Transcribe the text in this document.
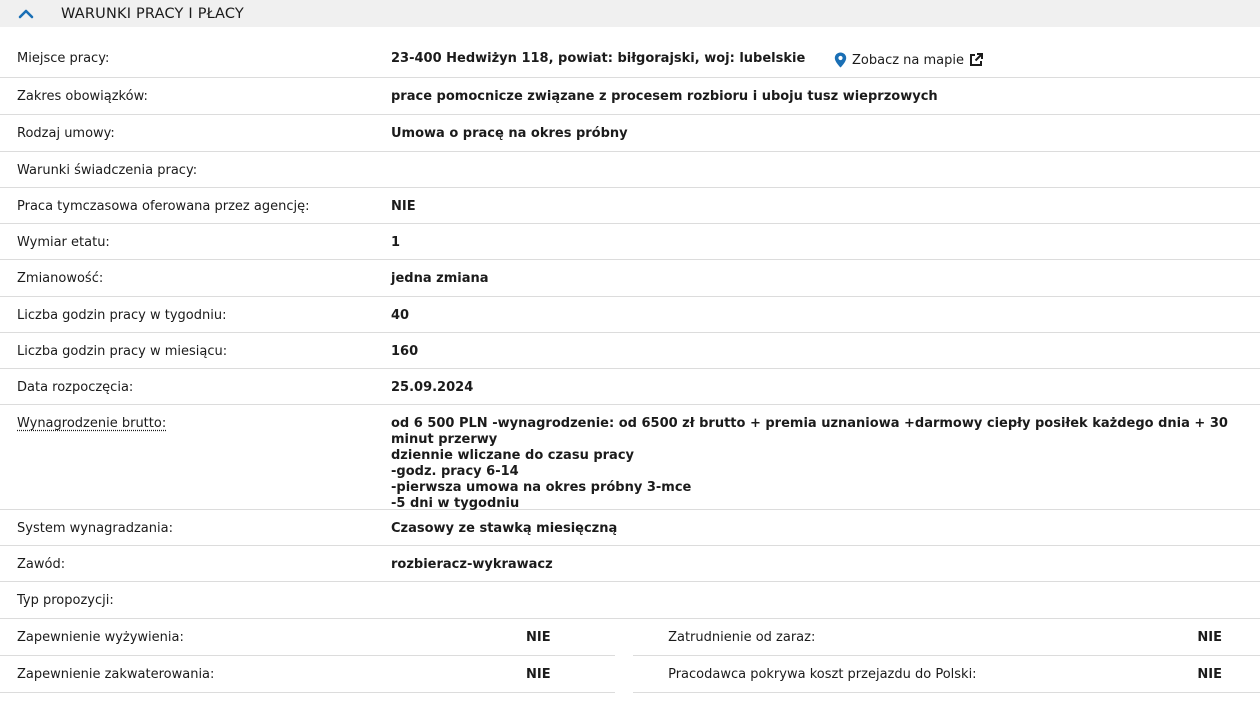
WARUNKI PRACY I PŁACY
Miejsce pracy:	23-400 Hedwiżyn 118, powiat: biłgorajski, woj: lubelskie	Zobacz na mapie
Zakres obowiązków:	prace pomocnicze związane z procesem rozbioru i uboju tusz wieprzowych
Rodzaj umowy:	Umowa o pracę na okres próbny
Warunki świadczenia pracy:
Praca tymczasowa oferowana przez agencję:	NIE
Wymiar etatu:	1
Zmianowość:	jedna zmiana
Liczba godzin pracy w tygodniu:	40
Liczba godzin pracy w miesiącu:	160
Data rozpoczęcia:	25.09.2024
Wynagrodzenie brutto:	od 6 500 PLN -wynagrodzenie: od 6500 zł brutto + premia uznaniowa +darmowy ciepły posiłek każdego dnia + 30 minut przerwy
dziennie wliczane do czasu pracy
-godz. pracy 6-14
-pierwsza umowa na okres próbny 3-mce
-5 dni w tygodniu
System wynagradzania:	Czasowy ze stawką miesięczną
Zawód:	rozbieracz-wykrawacz
Typ propozycji:
Zapewnienie wyżywienia:	NIE	Zatrudnienie od zaraz:	NIE
Zapewnienie zakwaterowania:	NIE	Pracodawca pokrywa koszt przejazdu do Polski:	NIE
